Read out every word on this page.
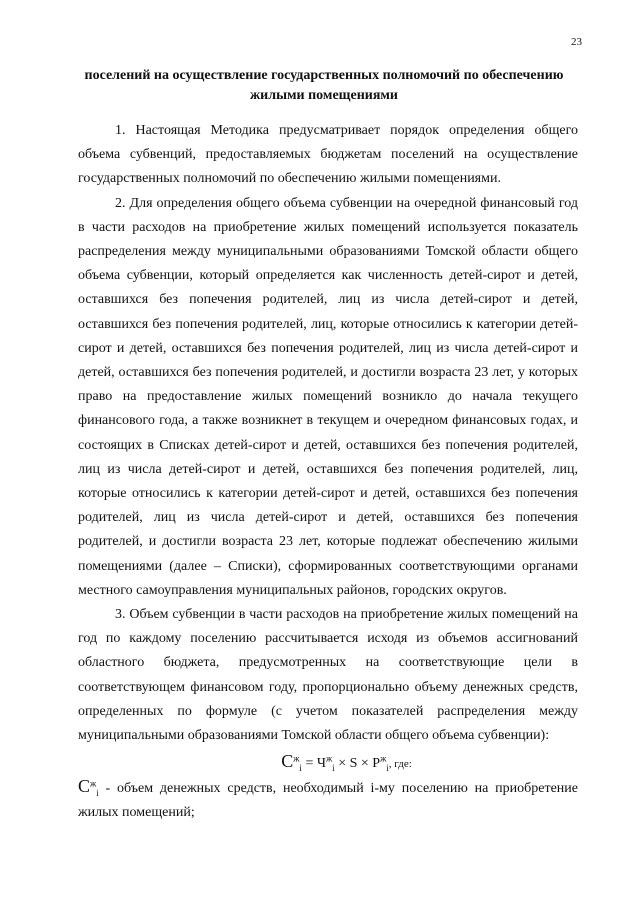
23
поселений на осуществление государственных полномочий по обеспечению жилыми помещениями

1. Настоящая Методика предусматривает порядок определения общего объема субвенций, предоставляемых бюджетам поселений на осуществление государственных полномочий по обеспечению жилыми помещениями.

2. Для определения общего объема субвенции на очередной финансовый год в части расходов на приобретение жилых помещений используется показатель распределения между муниципальными образованиями Томской области общего объема субвенции, который определяется как численность детей-сирот и детей, оставшихся без попечения родителей, лиц из числа детей-сирот и детей, оставшихся без попечения родителей, лиц, которые относились к категории детей-сирот и детей, оставшихся без попечения родителей, лиц из числа детей-сирот и детей, оставшихся без попечения родителей, и достигли возраста 23 лет, у которых право на предоставление жилых помещений возникло до начала текущего финансового года, а также возникнет в текущем и очередном финансовых годах, и состоящих в Списках детей-сирот и детей, оставшихся без попечения родителей, лиц из числа детей-сирот и детей, оставшихся без попечения родителей, лиц, которые относились к категории детей-сирот и детей, оставшихся без попечения родителей, лиц из числа детей-сирот и детей, оставшихся без попечения родителей, и достигли возраста 23 лет, которые подлежат обеспечению жилыми помещениями (далее – Списки), сформированных соответствующими органами местного самоуправления муниципальных районов, городских округов.

3. Объем субвенции в части расходов на приобретение жилых помещений на год по каждому поселению рассчитывается исходя из объемов ассигнований областного бюджета, предусмотренных на соответствующие цели в соответствующем финансовом году, пропорционально объему денежных средств, определенных по формуле (с учетом показателей распределения между муниципальными образованиями Томской области общего объема субвенции):

$C^ж_i = Ч^ж_i \times S \times P^ж_i$, где:

$C^ж_i$ - объем денежных средств, необходимый i-му поселению на приобретение жилых помещений;
